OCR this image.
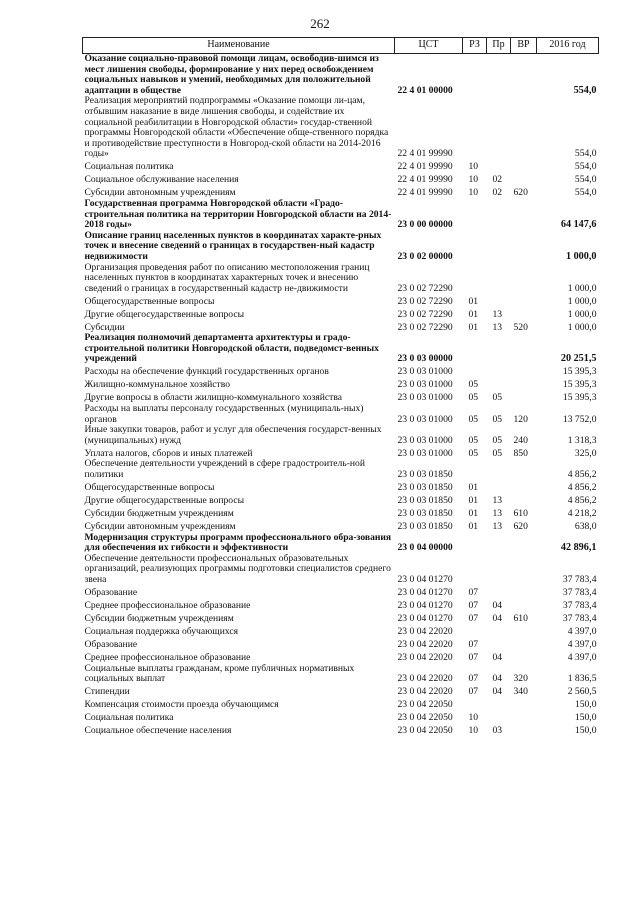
262
Наименование	ЦСТ	РЗ	Пр	ВР	2016 год
Оказание социально-правовой помощи лицам, освободив-шимся из мест лишения свободы, формирование у них перед освобождением социальных навыков и умений, необходимых для положительной адаптации в обществе	22 4 01 00000				554,0
Реализация мероприятий подпрограммы «Оказание помощи ли-цам, отбывшим наказание в виде лишения свободы, и содействие их социальной реабилитации в Новгородской области» государ-ственной программы Новгородской области «Обеспечение обще-ственного порядка и противодействие преступности в Новгород-ской области на 2014-2016 годы»	22 4 01 99990				554,0
Социальная политика	22 4 01 99990	10			554,0
Социальное обслуживание населения	22 4 01 99990	10	02		554,0
Субсидии автономным учреждениям	22 4 01 99990	10	02	620	554,0
Государственная программа Новгородской области «Градо-строительная политика на территории Новгородской области на 2014-2018 годы»	23 0 00 00000				64 147,6
Описание границ населенных пунктов в координатах характе-рных точек и внесение сведений о границах в государствен-ный кадастр недвижимости	23 0 02 00000				1 000,0
Организация проведения работ по описанию местоположения границ населенных пунктов в координатах характерных точек и внесению сведений о границах в государственный кадастр не-движимости	23 0 02 72290				1 000,0
Общегосударственные вопросы	23 0 02 72290	01			1 000,0
Другие общегосударственные вопросы	23 0 02 72290	01	13		1 000,0
Субсидии	23 0 02 72290	01	13	520	1 000,0
Реализация полномочий департамента архитектуры и градо-строительной политики Новгородской области, подведомст-венных учреждений	23 0 03 00000				20 251,5
Расходы на обеспечение функций государственных органов	23 0 03 01000				15 395,3
Жилищно-коммунальное хозяйство	23 0 03 01000	05			15 395,3
Другие вопросы в области жилищно-коммунального хозяйства	23 0 03 01000	05	05		15 395,3
Расходы на выплаты персоналу государственных (муниципаль-ных) органов	23 0 03 01000	05	05	120	13 752,0
Иные закупки товаров, работ и услуг для обеспечения государст-венных (муниципальных) нужд	23 0 03 01000	05	05	240	1 318,3
Уплата налогов, сборов и иных платежей	23 0 03 01000	05	05	850	325,0
Обеспечение деятельности учреждений в сфере градостроитель-ной политики	23 0 03 01850				4 856,2
Общегосударственные вопросы	23 0 03 01850	01			4 856,2
Другие общегосударственные вопросы	23 0 03 01850	01	13		4 856,2
Субсидии бюджетным учреждениям	23 0 03 01850	01	13	610	4 218,2
Субсидии автономным учреждениям	23 0 03 01850	01	13	620	638,0
Модернизация структуры программ профессионального обра-зования для обеспечения их гибкости и эффективности	23 0 04 00000				42 896,1
Обеспечение деятельности профессиональных образовательных организаций, реализующих программы подготовки специалистов среднего звена	23 0 04 01270				37 783,4
Образование	23 0 04 01270	07			37 783,4
Среднее профессиональное образование	23 0 04 01270	07	04		37 783,4
Субсидии бюджетным учреждениям	23 0 04 01270	07	04	610	37 783,4
Социальная поддержка обучающихся	23 0 04 22020				4 397,0
Образование	23 0 04 22020	07			4 397,0
Среднее профессиональное образование	23 0 04 22020	07	04		4 397,0
Социальные выплаты гражданам, кроме публичных нормативных социальных выплат	23 0 04 22020	07	04	320	1 836,5
Стипендии	23 0 04 22020	07	04	340	2 560,5
Компенсация стоимости проезда обучающимся	23 0 04 22050				150,0
Социальная политика	23 0 04 22050	10			150,0
Социальное обеспечение населения	23 0 04 22050	10	03		150,0
